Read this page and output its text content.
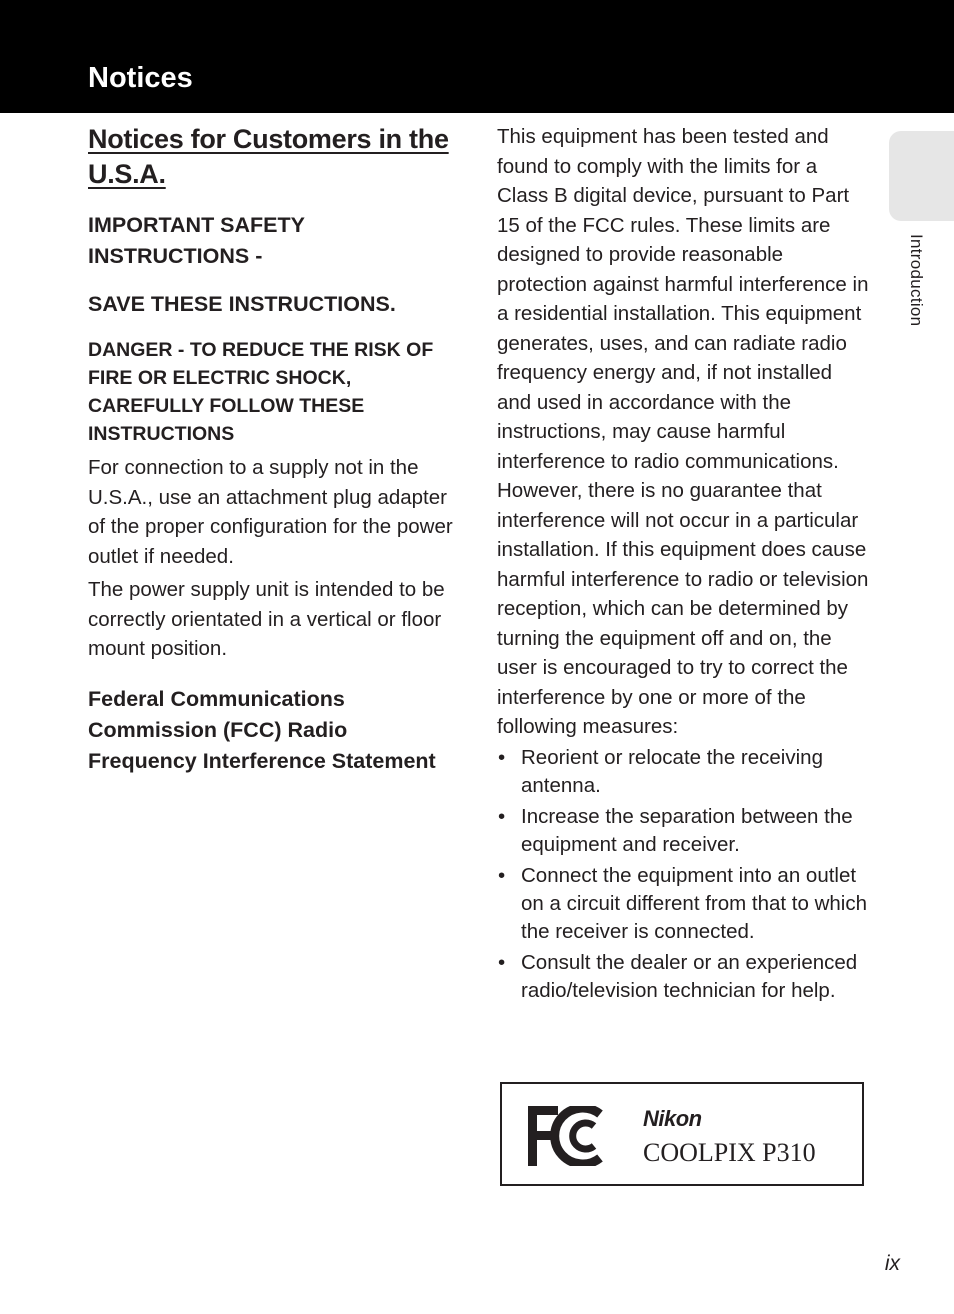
Notices
Introduction
Notices for Customers in the U.S.A.

IMPORTANT SAFETY INSTRUCTIONS -

SAVE THESE INSTRUCTIONS.

DANGER - TO REDUCE THE RISK OF FIRE OR ELECTRIC SHOCK, CAREFULLY FOLLOW THESE INSTRUCTIONS

For connection to a supply not in the U.S.A., use an attachment plug adapter of the proper configuration for the power outlet if needed.

The power supply unit is intended to be correctly orientated in a vertical or floor mount position.

Federal Communications Commission (FCC) Radio Frequency Interference Statement

This equipment has been tested and found to comply with the limits for a Class B digital device, pursuant to Part 15 of the FCC rules. These limits are designed to provide reasonable protection against harmful interference in a residential installation. This equipment generates, uses, and can radiate radio frequency energy and, if not installed and used in accordance with the instructions, may cause harmful interference to radio communications. However, there is no guarantee that interference will not occur in a particular installation. If this equipment does cause harmful interference to radio or television reception, which can be determined by turning the equipment off and on, the user is encouraged to try to correct the interference by one or more of the following measures:

• Reorient or relocate the receiving antenna.
• Increase the separation between the equipment and receiver.
• Connect the equipment into an outlet on a circuit different from that to which the receiver is connected.
• Consult the dealer or an experienced radio/television technician for help.
Nikon
COOLPIX P310
ix
